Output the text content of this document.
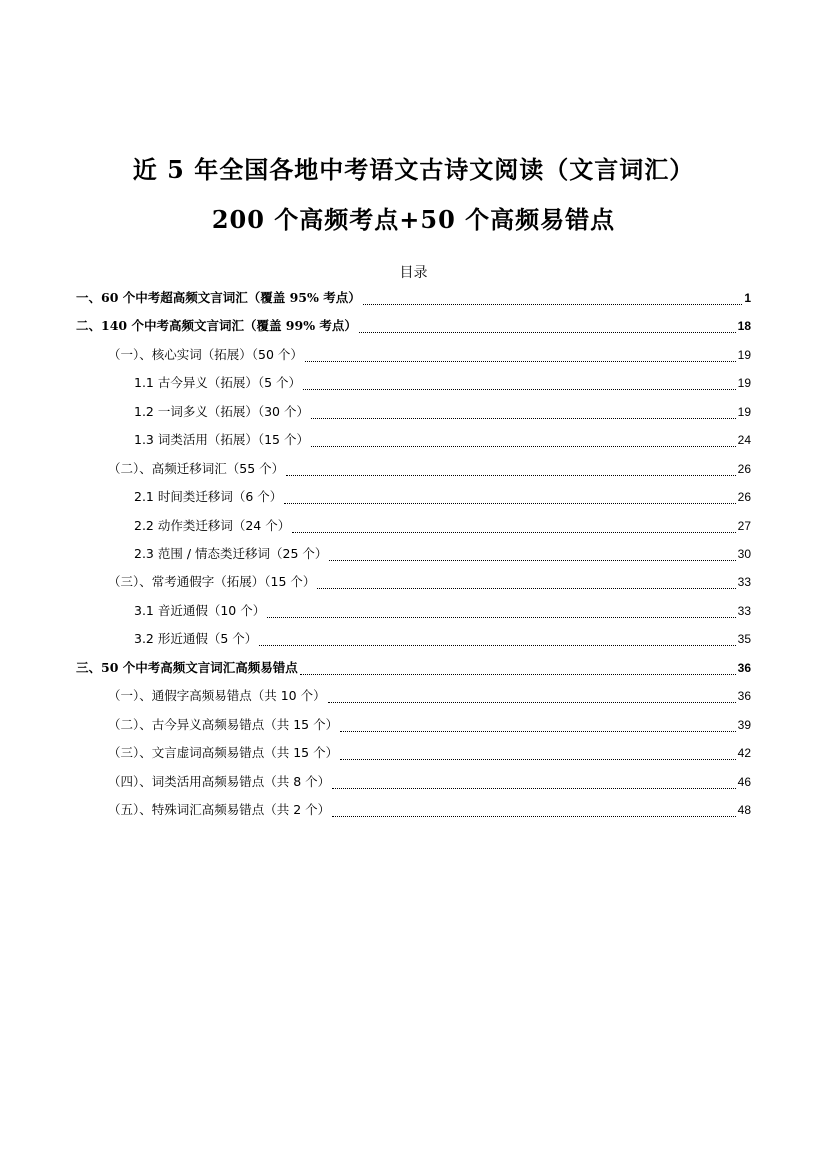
近 5 年全国各地中考语文古诗文阅读（文言词汇）
200 个高频考点+50 个高频易错点
目录
一、60 个中考超高频文言词汇（覆盖 95% 考点）	1
二、140 个中考高频文言词汇（覆盖 99% 考点）	18
（一）、核心实词（拓展）（50 个）	19
1.1 古今异义（拓展）（5 个）	19
1.2 一词多义（拓展）（30 个）	19
1.3 词类活用（拓展）（15 个）	24
（二）、高频迁移词汇（55 个）	26
2.1 时间类迁移词（6 个）	26
2.2 动作类迁移词（24 个）	27
2.3 范围 / 情态类迁移词（25 个）	30
（三）、常考通假字（拓展）（15 个）	33
3.1 音近通假（10 个）	33
3.2 形近通假（5 个）	35
三、50 个中考高频文言词汇高频易错点	36
（一）、通假字高频易错点（共 10 个）	36
（二）、古今异义高频易错点（共 15 个）	39
（三）、文言虚词高频易错点（共 15 个）	42
（四）、词类活用高频易错点（共 8 个）	46
（五）、特殊词汇高频易错点（共 2 个）	48
